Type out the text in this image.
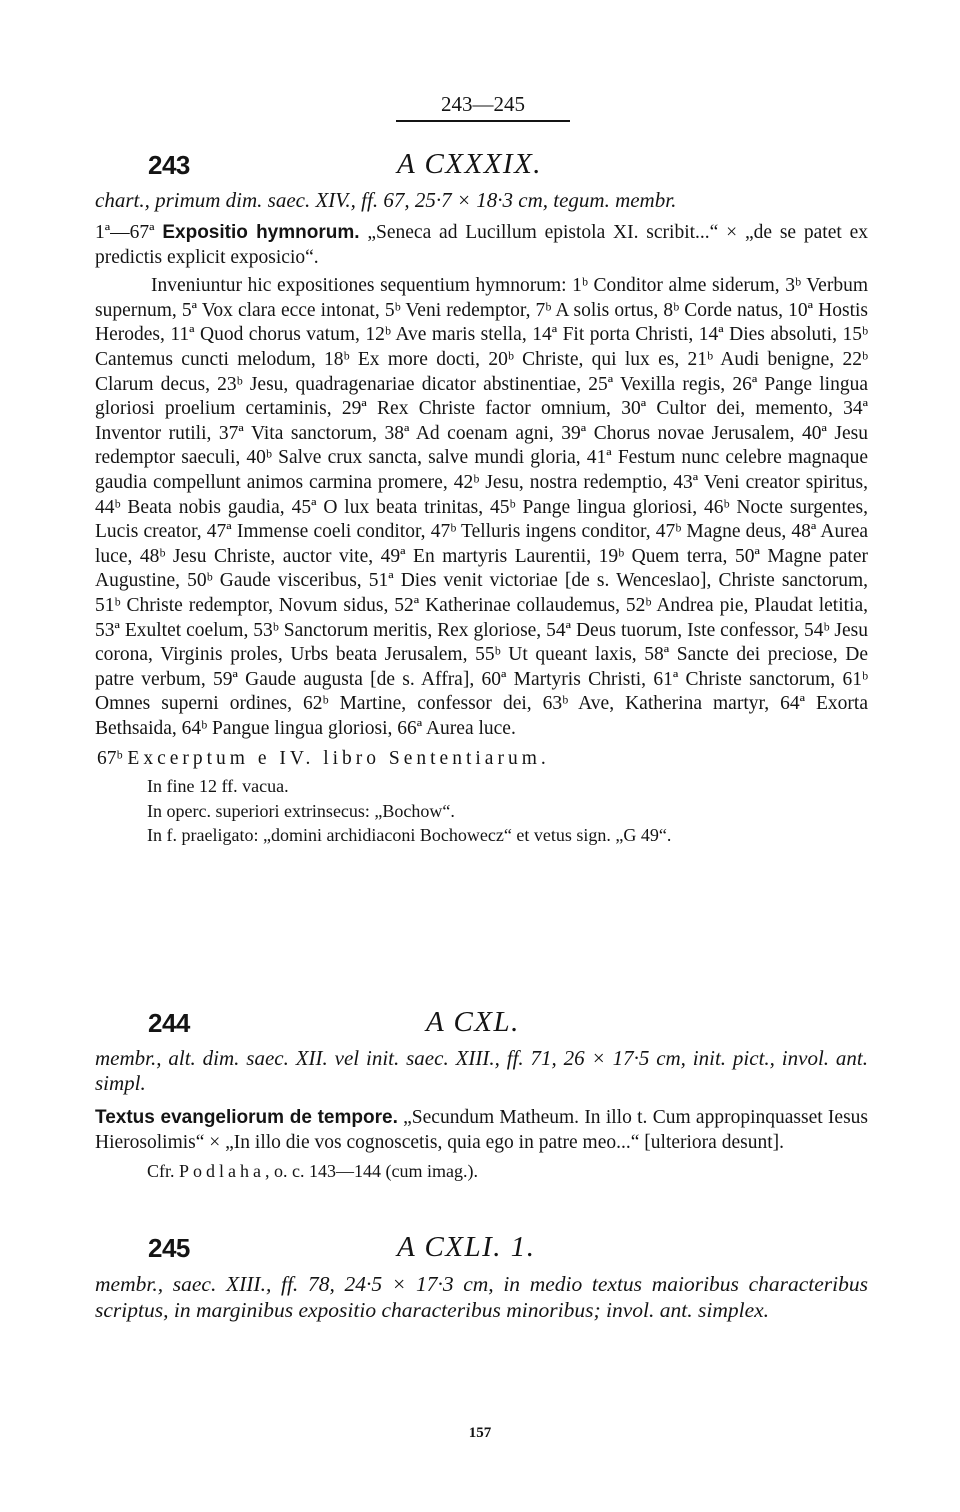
243—245
243	A CXXXIX.

chart., primum dim. saec. XIV., ff. 67, 25·7 × 18·3 cm, tegum. membr.

1ª—67ª Expositio hymnorum. „Seneca ad Lucillum epistola XI. scribit...“ × „de se patet ex predictis explicit exposicio“.

Inveniuntur hic expositiones sequentium hymnorum: 1ᵇ Conditor alme siderum, 3ᵇ Verbum supernum, 5ª Vox clara ecce intonat, 5ᵇ Veni redemptor, 7ᵇ A solis ortus, 8ᵇ Corde natus, 10ª Hostis Herodes, 11ª Quod chorus vatum, 12ᵇ Ave maris stella, 14ª Fit porta Christi, 14ª Dies absoluti, 15ᵇ Cantemus cuncti melodum, 18ᵇ Ex more docti, 20ᵇ Christe, qui lux es, 21ᵇ Audi benigne, 22ᵇ Clarum decus, 23ᵇ Jesu, quadragenariae dicator abstinentiae, 25ª Vexilla regis, 26ª Pange lingua gloriosi proelium certaminis, 29ª Rex Christe factor omnium, 30ª Cultor dei, memento, 34ª Inventor rutili, 37ª Vita sanctorum, 38ª Ad coenam agni, 39ª Chorus novae Jerusalem, 40ª Jesu redemptor saeculi, 40ᵇ Salve crux sancta, salve mundi gloria, 41ª Festum nunc celebre magnaque gaudia compellunt animos carmina promere, 42ᵇ Jesu, nostra redemptio, 43ª Veni creator spiritus, 44ᵇ Beata nobis gaudia, 45ª O lux beata trinitas, 45ᵇ Pange lingua gloriosi, 46ᵇ Nocte surgentes, Lucis creator, 47ª Immense coeli conditor, 47ᵇ Telluris ingens conditor, 47ᵇ Magne deus, 48ª Aurea luce, 48ᵇ Jesu Christe, auctor vite, 49ª En martyris Laurentii, 19ᵇ Quem terra, 50ª Magne pater Augustine, 50ᵇ Gaude visceribus, 51ª Dies venit victoriae [de s. Wenceslao], Christe sanctorum, 51ᵇ Christe redemptor, Novum sidus, 52ª Katherinae collaudemus, 52ᵇ Andrea pie, Plaudat letitia, 53ª Exultet coelum, 53ᵇ Sanctorum meritis, Rex gloriose, 54ª Deus tuorum, Iste confessor, 54ᵇ Jesu corona, Virginis proles, Urbs beata Jerusalem, 55ᵇ Ut queant laxis, 58ª Sancte dei preciose, De patre verbum, 59ª Gaude augusta [de s. Affra], 60ª Martyris Christi, 61ª Christe sanctorum, 61ᵇ Omnes superni ordines, 62ᵇ Martine, confessor dei, 63ᵇ Ave, Katherina martyr, 64ª Exorta Bethsaida, 64ᵇ Pangue lingua gloriosi, 66ª Aurea luce.

67ᵇ Excerptum e IV. libro Sententiarum.

In fine 12 ff. vacua.

In operc. superiori extrinsecus: „Bochow“.

In f. praeligato: „domini archidiaconi Bochowecz“ et vetus sign. „G 49“.

244	A CXL.

membr., alt. dim. saec. XII. vel init. saec. XIII., ff. 71, 26 × 17·5 cm, init. pict., invol. ant. simpl.

Textus evangeliorum de tempore. „Secundum Matheum. In illo t. Cum appropinquasset Iesus Hierosolimis“ × „In illo die vos cognoscetis, quia ego in patre meo...“ [ulteriora desunt].

Cfr. Podlaha, o. c. 143—144 (cum imag.).

245	A CXLI. 1.

membr., saec. XIII., ff. 78, 24·5 × 17·3 cm, in medio textus maioribus characteribus scriptus, in marginibus expositio characteribus minoribus; invol. ant. simplex.

157
